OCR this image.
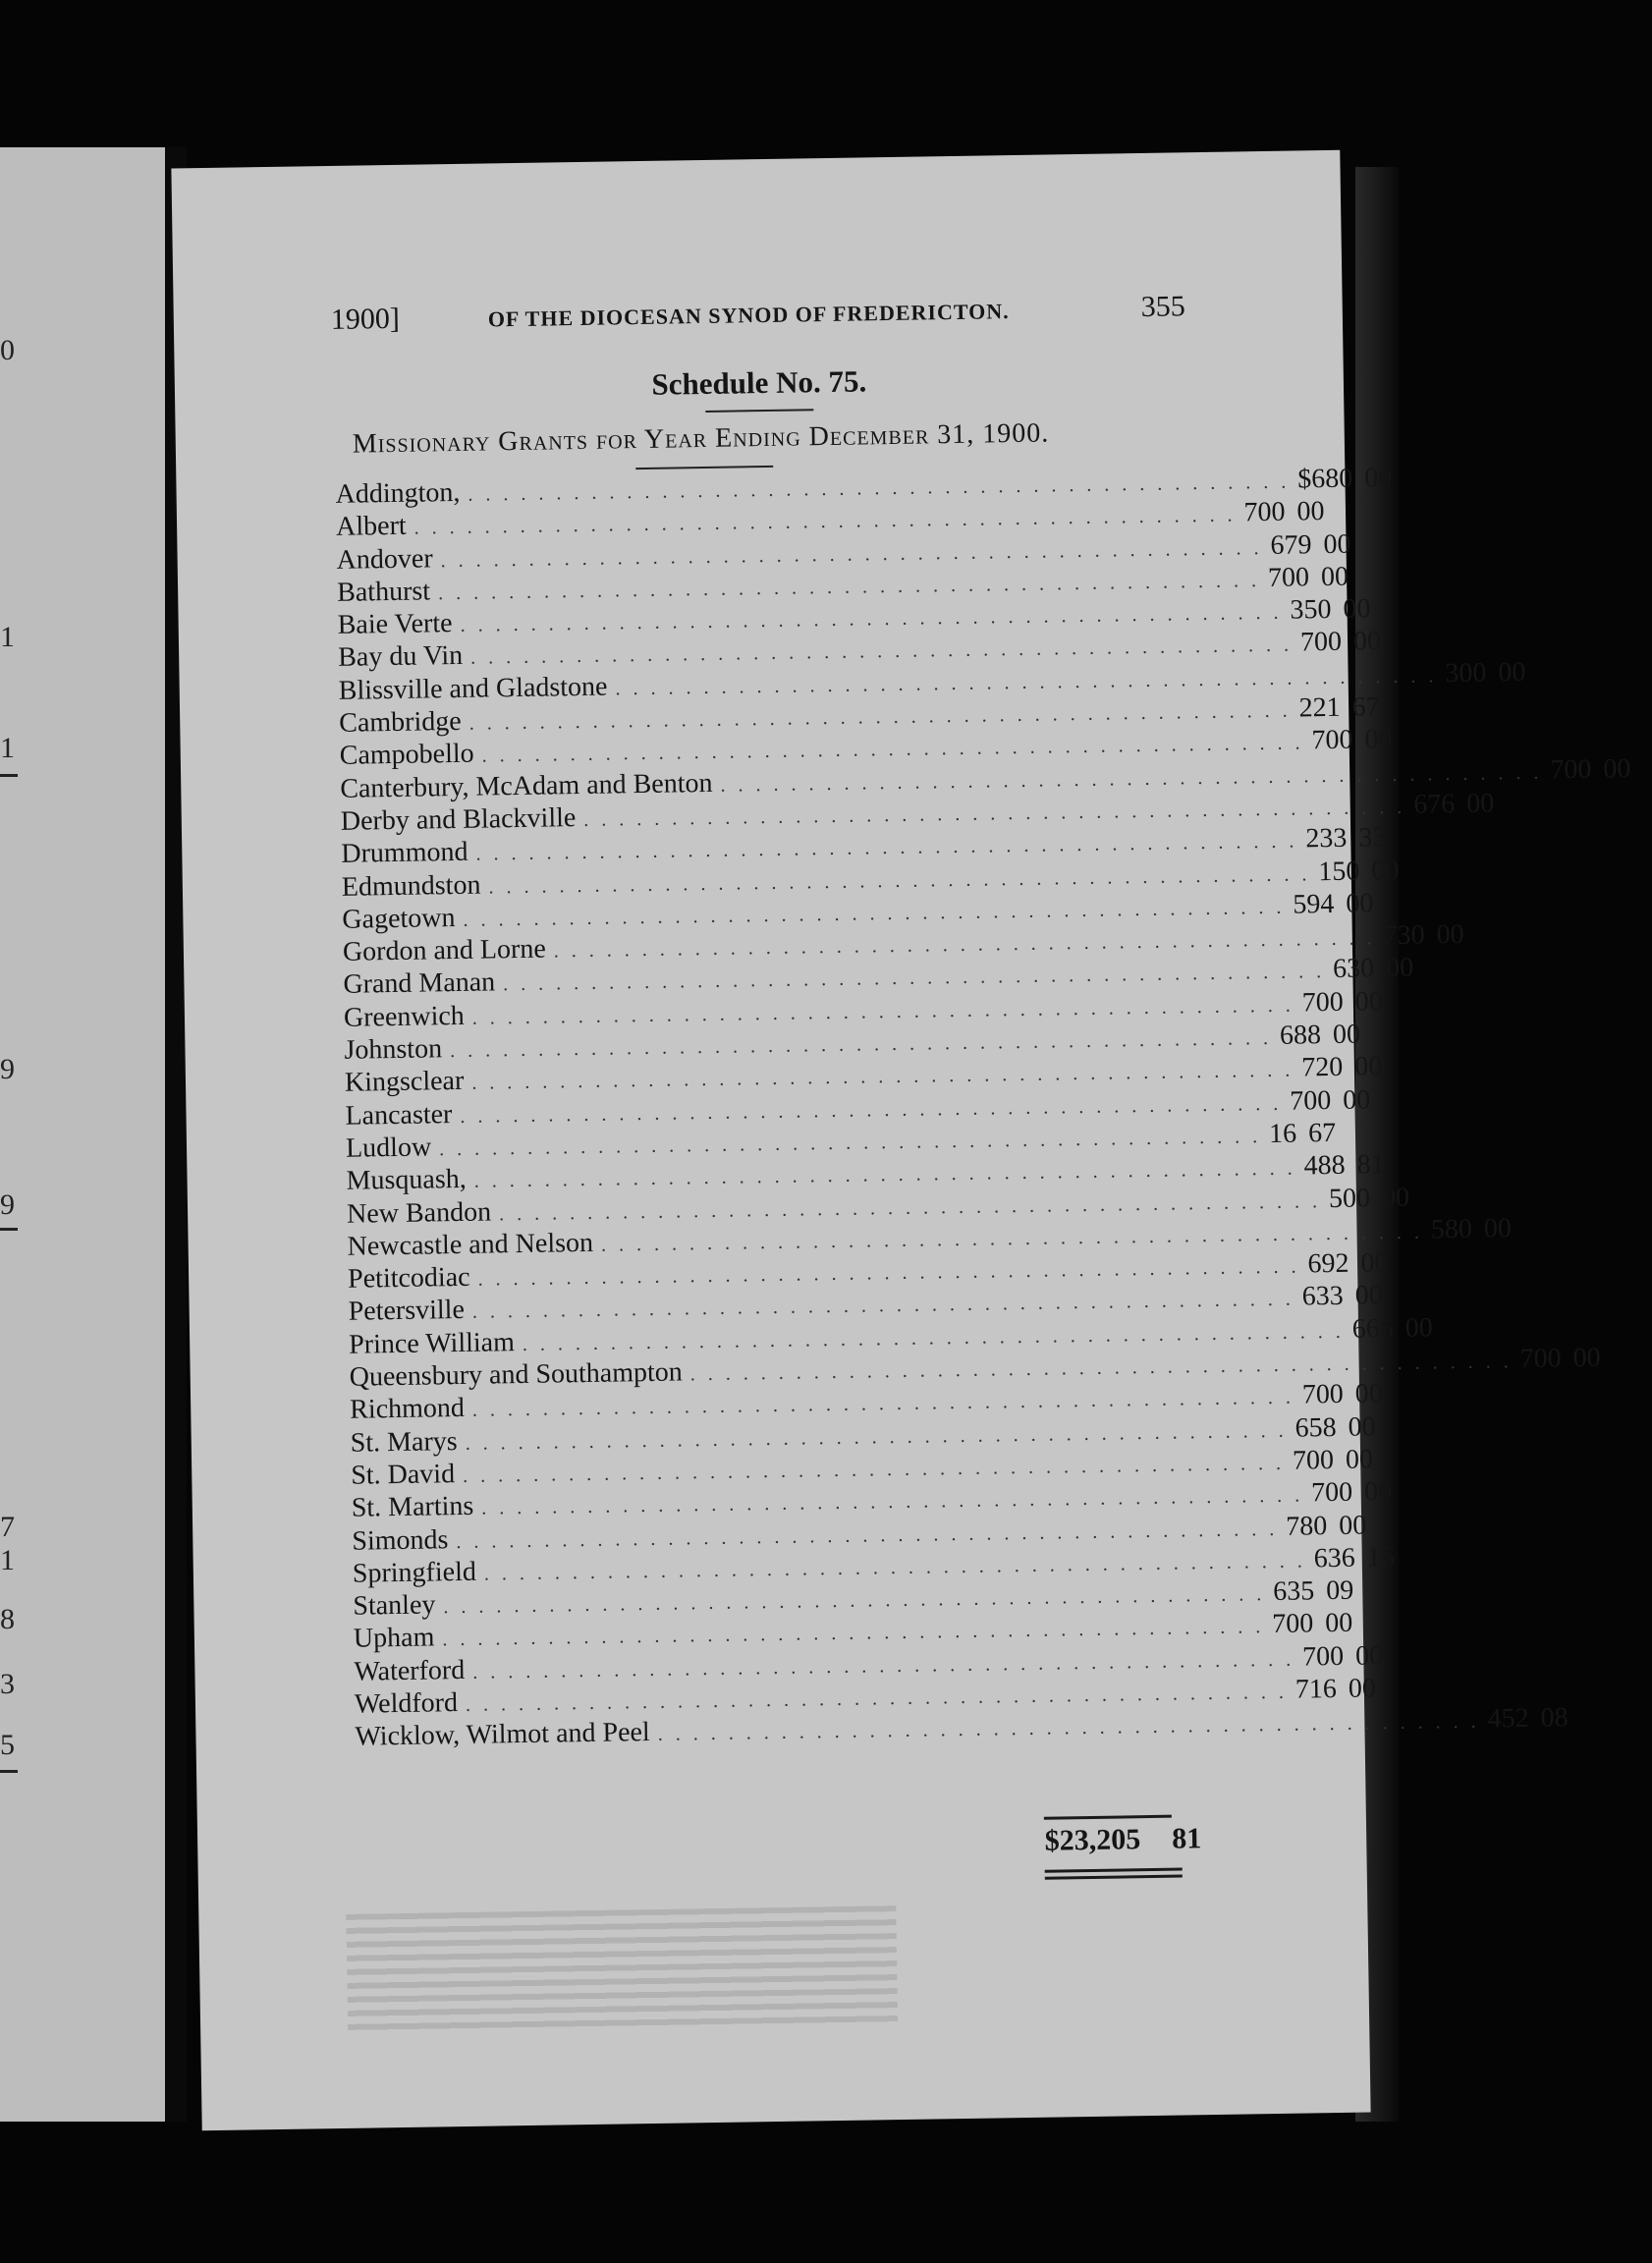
0
1
1
9
9
7
1
8
3
5
1900]	OF THE DIOCESAN SYNOD OF FREDERICTON.	355
Schedule No. 75.
Missionary Grants for Year Ending December 31, 1900.
Addington, . . . . . . . . . . . . . . . . . . . . . . . . . . . . . . . . . . . . . . . . . . . . . . . $680 00
Albert . . . . . . . . . . . . . . . . . . . . . . . . . . . . . . . . . . . . . . . . . . . . . . . 700 00
Andover . . . . . . . . . . . . . . . . . . . . . . . . . . . . . . . . . . . . . . . . . . . . . . . 679 00
Bathurst . . . . . . . . . . . . . . . . . . . . . . . . . . . . . . . . . . . . . . . . . . . . . . . 700 00
Baie Verte . . . . . . . . . . . . . . . . . . . . . . . . . . . . . . . . . . . . . . . . . . . . . . . 350 00
Bay du Vin . . . . . . . . . . . . . . . . . . . . . . . . . . . . . . . . . . . . . . . . . . . . . . . 700 00
Blissville and Gladstone . . . . . . . . . . . . . . . . . . . . . . . . . . . . . . . . . . . . . . . . . . . . . . . 300 00
Cambridge . . . . . . . . . . . . . . . . . . . . . . . . . . . . . . . . . . . . . . . . . . . . . . . 221 67
Campobello . . . . . . . . . . . . . . . . . . . . . . . . . . . . . . . . . . . . . . . . . . . . . . . 700 00
Canterbury, McAdam and Benton . . . . . . . . . . . . . . . . . . . . . . . . . . . . . . . . . . . . . . . . . . . . . . . 700 00
Derby and Blackville . . . . . . . . . . . . . . . . . . . . . . . . . . . . . . . . . . . . . . . . . . . . . . . 676 00
Drummond . . . . . . . . . . . . . . . . . . . . . . . . . . . . . . . . . . . . . . . . . . . . . . . 233 33
Edmundston . . . . . . . . . . . . . . . . . . . . . . . . . . . . . . . . . . . . . . . . . . . . . . . 150 00
Gagetown . . . . . . . . . . . . . . . . . . . . . . . . . . . . . . . . . . . . . . . . . . . . . . . 594 00
Gordon and Lorne . . . . . . . . . . . . . . . . . . . . . . . . . . . . . . . . . . . . . . . . . . . . . . . 730 00
Grand Manan . . . . . . . . . . . . . . . . . . . . . . . . . . . . . . . . . . . . . . . . . . . . . . . 630 00
Greenwich . . . . . . . . . . . . . . . . . . . . . . . . . . . . . . . . . . . . . . . . . . . . . . . 700 00
Johnston . . . . . . . . . . . . . . . . . . . . . . . . . . . . . . . . . . . . . . . . . . . . . . . 688 00
Kingsclear . . . . . . . . . . . . . . . . . . . . . . . . . . . . . . . . . . . . . . . . . . . . . . . 720 00
Lancaster . . . . . . . . . . . . . . . . . . . . . . . . . . . . . . . . . . . . . . . . . . . . . . . 700 00
Ludlow . . . . . . . . . . . . . . . . . . . . . . . . . . . . . . . . . . . . . . . . . . . . . . . 16 67
Musquash, . . . . . . . . . . . . . . . . . . . . . . . . . . . . . . . . . . . . . . . . . . . . . . . 488 81
New Bandon . . . . . . . . . . . . . . . . . . . . . . . . . . . . . . . . . . . . . . . . . . . . . . . 500 00
Newcastle and Nelson . . . . . . . . . . . . . . . . . . . . . . . . . . . . . . . . . . . . . . . . . . . . . . . 580 00
Petitcodiac . . . . . . . . . . . . . . . . . . . . . . . . . . . . . . . . . . . . . . . . . . . . . . . 692 00
Petersville . . . . . . . . . . . . . . . . . . . . . . . . . . . . . . . . . . . . . . . . . . . . . . . 633 00
Prince William . . . . . . . . . . . . . . . . . . . . . . . . . . . . . . . . . . . . . . . . . . . . . . . 666 00
Queensbury and Southampton . . . . . . . . . . . . . . . . . . . . . . . . . . . . . . . . . . . . . . . . . . . . . . . 700 00
Richmond . . . . . . . . . . . . . . . . . . . . . . . . . . . . . . . . . . . . . . . . . . . . . . . 700 00
St. Marys . . . . . . . . . . . . . . . . . . . . . . . . . . . . . . . . . . . . . . . . . . . . . . . 658 00
St. David . . . . . . . . . . . . . . . . . . . . . . . . . . . . . . . . . . . . . . . . . . . . . . . 700 00
St. Martins . . . . . . . . . . . . . . . . . . . . . . . . . . . . . . . . . . . . . . . . . . . . . . . 700 00
Simonds . . . . . . . . . . . . . . . . . . . . . . . . . . . . . . . . . . . . . . . . . . . . . . . 780 00
Springfield . . . . . . . . . . . . . . . . . . . . . . . . . . . . . . . . . . . . . . . . . . . . . . . 636 16
Stanley . . . . . . . . . . . . . . . . . . . . . . . . . . . . . . . . . . . . . . . . . . . . . . . 635 09
Upham . . . . . . . . . . . . . . . . . . . . . . . . . . . . . . . . . . . . . . . . . . . . . . . 700 00
Waterford . . . . . . . . . . . . . . . . . . . . . . . . . . . . . . . . . . . . . . . . . . . . . . . 700 00
Weldford . . . . . . . . . . . . . . . . . . . . . . . . . . . . . . . . . . . . . . . . . . . . . . . 716 00
Wicklow, Wilmot and Peel . . . . . . . . . . . . . . . . . . . . . . . . . . . . . . . . . . . . . . . . . . . . . . . 452 08
$23,205	81
